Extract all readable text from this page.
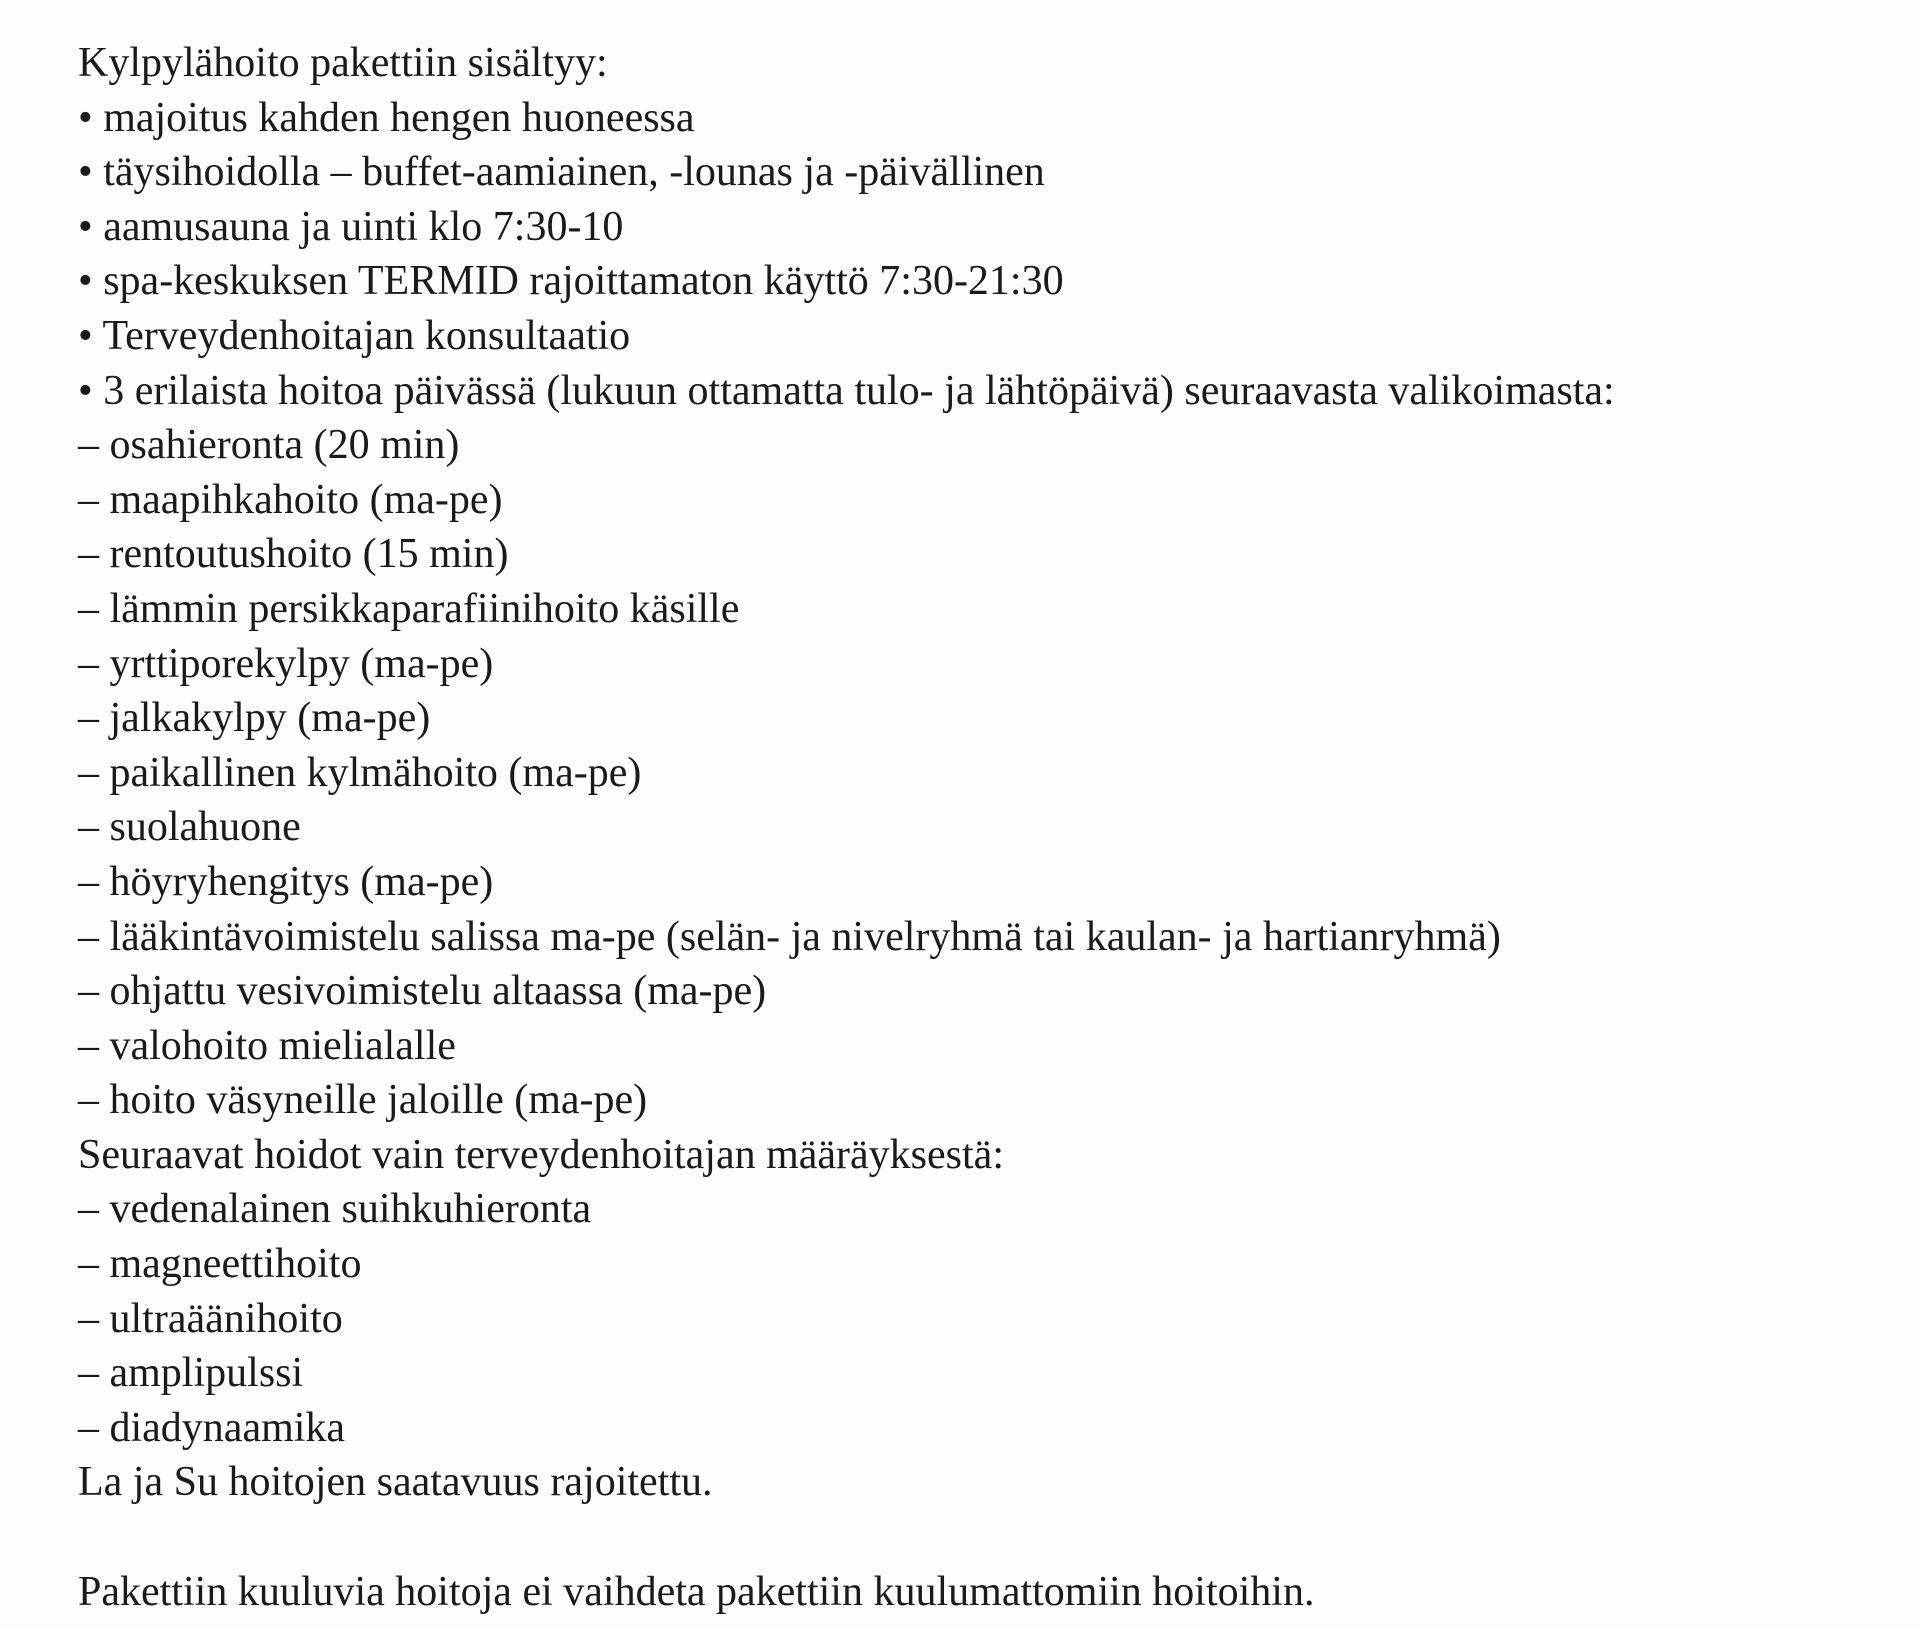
Kylpylähoito pakettiin sisältyy:
• majoitus kahden hengen huoneessa
• täysihoidolla – buffet-aamiainen, -lounas ja -päivällinen
• aamusauna ja uinti klo 7:30-10
• spa-keskuksen TERMID rajoittamaton käyttö 7:30-21:30
• Terveydenhoitajan konsultaatio
• 3 erilaista hoitoa päivässä (lukuun ottamatta tulo- ja lähtöpäivä) seuraavasta valikoimasta:
– osahieronta (20 min)
– maapihkahoito (ma-pe)
– rentoutushoito (15 min)
– lämmin persikkaparafiinihoito käsille
– yrttiporekylpy (ma-pe)
– jalkakylpy (ma-pe)
– paikallinen kylmähoito (ma-pe)
– suolahuone
– höyryhengitys (ma-pe)
– lääkintävoimistelu salissa ma-pe (selän- ja nivelryhmä tai kaulan- ja hartianryhmä)
– ohjattu vesivoimistelu altaassa (ma-pe)
– valohoito mielialalle
– hoito väsyneille jaloille (ma-pe)
Seuraavat hoidot vain terveydenhoitajan määräyksestä:
– vedenalainen suihkuhieronta
– magneettihoito
– ultraäänihoito
– amplipulssi
– diadynaamika
La ja Su hoitojen saatavuus rajoitettu.
Pakettiin kuuluvia hoitoja ei vaihdeta pakettiin kuulumattomiin hoitoihin.
